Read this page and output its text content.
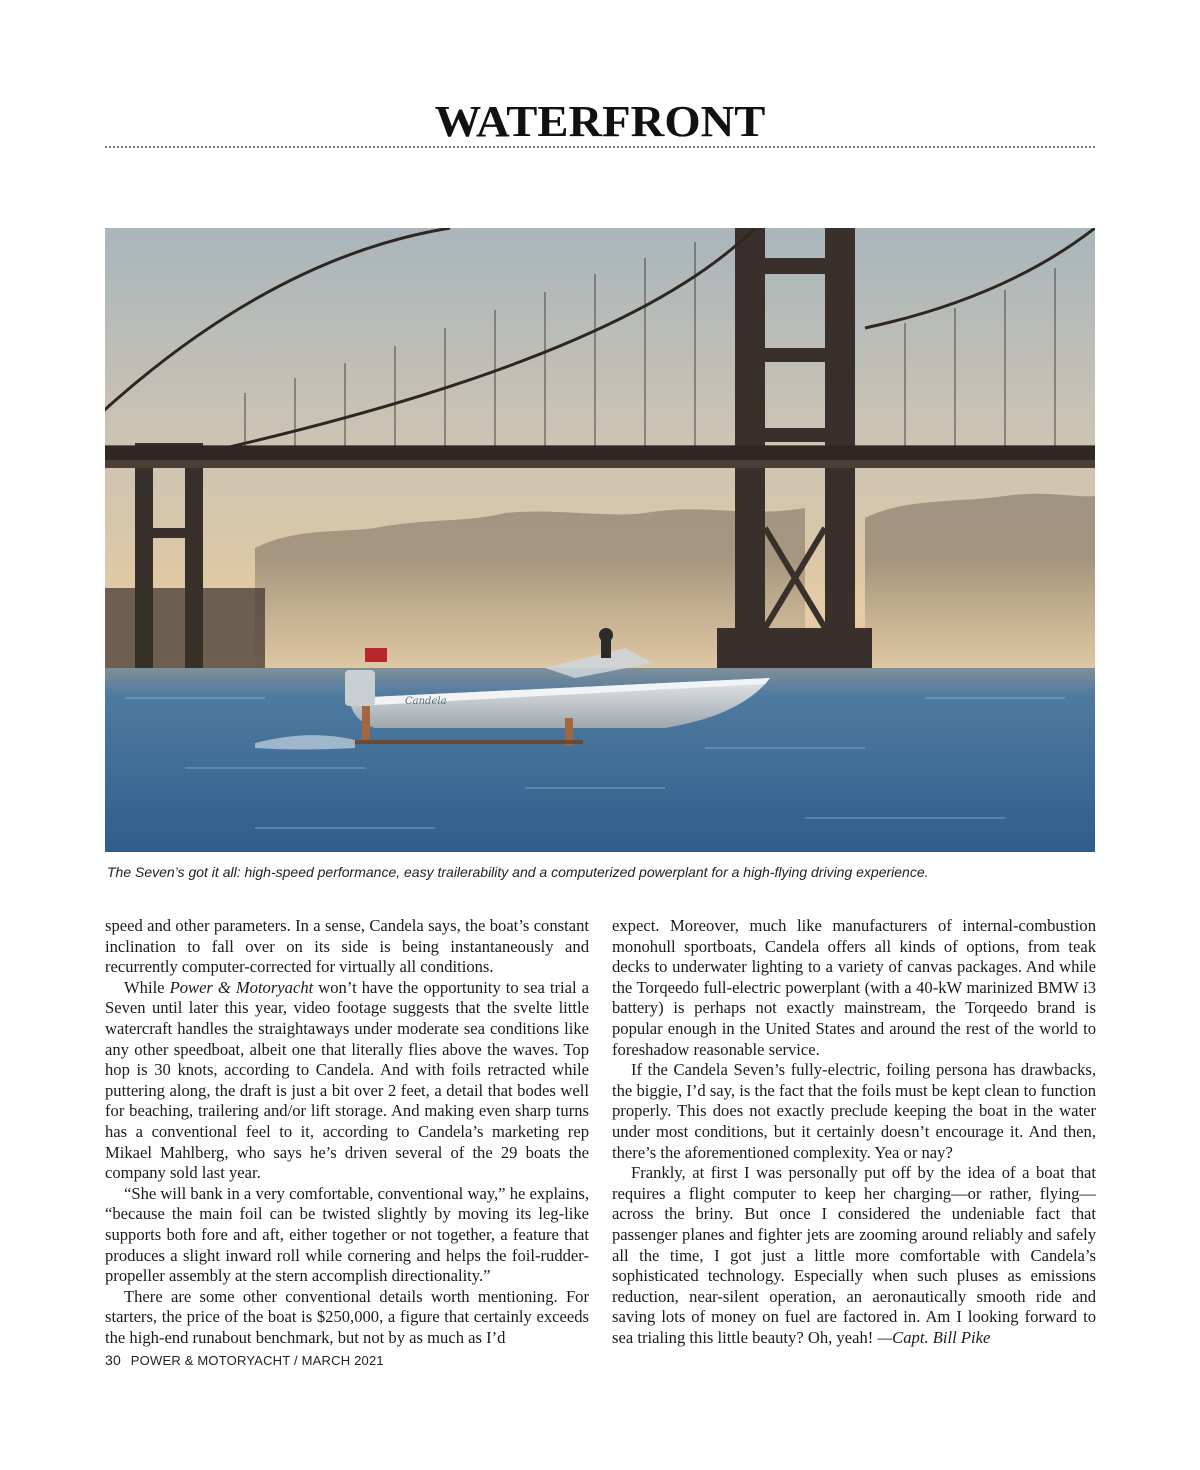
WATERFRONT
Candela
The Seven’s got it all: high-speed performance, easy trailerability and a computerized powerplant for a high-flying driving experience.

speed and other parameters. In a sense, Candela says, the boat’s constant inclination to fall over on its side is being instantaneously and recurrently computer-corrected for virtually all conditions.

While Power & Motoryacht won’t have the opportunity to sea trial a Seven until later this year, video footage suggests that the svelte little watercraft handles the straightaways under moderate sea conditions like any other speedboat, albeit one that literally flies above the waves. Top hop is 30 knots, according to Candela. And with foils retracted while puttering along, the draft is just a bit over 2 feet, a detail that bodes well for beaching, trailering and/or lift storage. And making even sharp turns has a conventional feel to it, according to Candela’s marketing rep Mikael Mahlberg, who says he’s driven several of the 29 boats the company sold last year.

“She will bank in a very comfortable, conventional way,” he explains, “because the main foil can be twisted slightly by moving its leg-like supports both fore and aft, either together or not together, a feature that produces a slight inward roll while cornering and helps the foil-rudder-propeller assembly at the stern accomplish directionality.”

There are some other conventional details worth mentioning. For starters, the price of the boat is $250,000, a figure that certainly exceeds the high-end runabout benchmark, but not by as much as I’d

expect. Moreover, much like manufacturers of internal-combustion monohull sportboats, Candela offers all kinds of options, from teak decks to underwater lighting to a variety of canvas packages. And while the Torqeedo full-electric powerplant (with a 40-kW marinized BMW i3 battery) is perhaps not exactly mainstream, the Torqeedo brand is popular enough in the United States and around the rest of the world to foreshadow reasonable service.

If the Candela Seven’s fully-electric, foiling persona has drawbacks, the biggie, I’d say, is the fact that the foils must be kept clean to function properly. This does not exactly preclude keeping the boat in the water under most conditions, but it certainly doesn’t encourage it. And then, there’s the aforementioned complexity. Yea or nay?

Frankly, at first I was personally put off by the idea of a boat that requires a flight computer to keep her charging—or rather, flying—across the briny. But once I considered the undeniable fact that passenger planes and fighter jets are zooming around reliably and safely all the time, I got just a little more comfortable with Candela’s sophisticated technology. Especially when such pluses as emissions reduction, near-silent operation, an aeronautically smooth ride and saving lots of money on fuel are factored in. Am I looking forward to sea trialing this little beauty? Oh, yeah! —Capt. Bill Pike

30 POWER & MOTORYACHT / MARCH 2021
